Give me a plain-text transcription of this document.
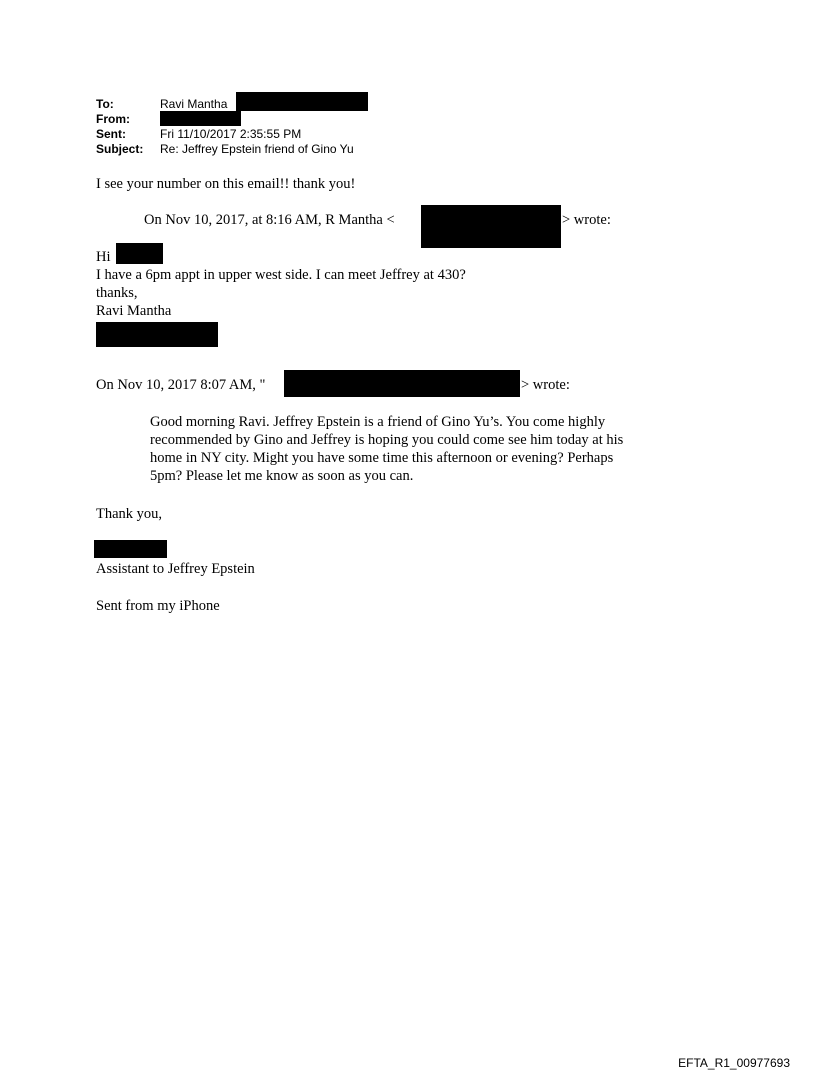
To:	Ravi Mantha
From:
Sent:	Fri 11/10/2017 2:35:55 PM
Subject: Re: Jeffrey Epstein friend of Gino Yu
I see your number on this email!! thank you!
On Nov 10, 2017, at 8:16 AM, R Mantha <	> wrote:
Hi
I have a 6pm appt in upper west side. I can meet Jeffrey at 430?
thanks,
Ravi Mantha
On Nov 10, 2017 8:07 AM, "	> wrote:
Good morning Ravi. Jeffrey Epstein is a friend of Gino Yu’s. You come highly
recommended by Gino and Jeffrey is hoping you could come see him today at his
home in NY city. Might you have some time this afternoon or evening? Perhaps
5pm? Please let me know as soon as you can.
Thank you,
Assistant to Jeffrey Epstein
Sent from my iPhone
EFTA_R1_00977693
